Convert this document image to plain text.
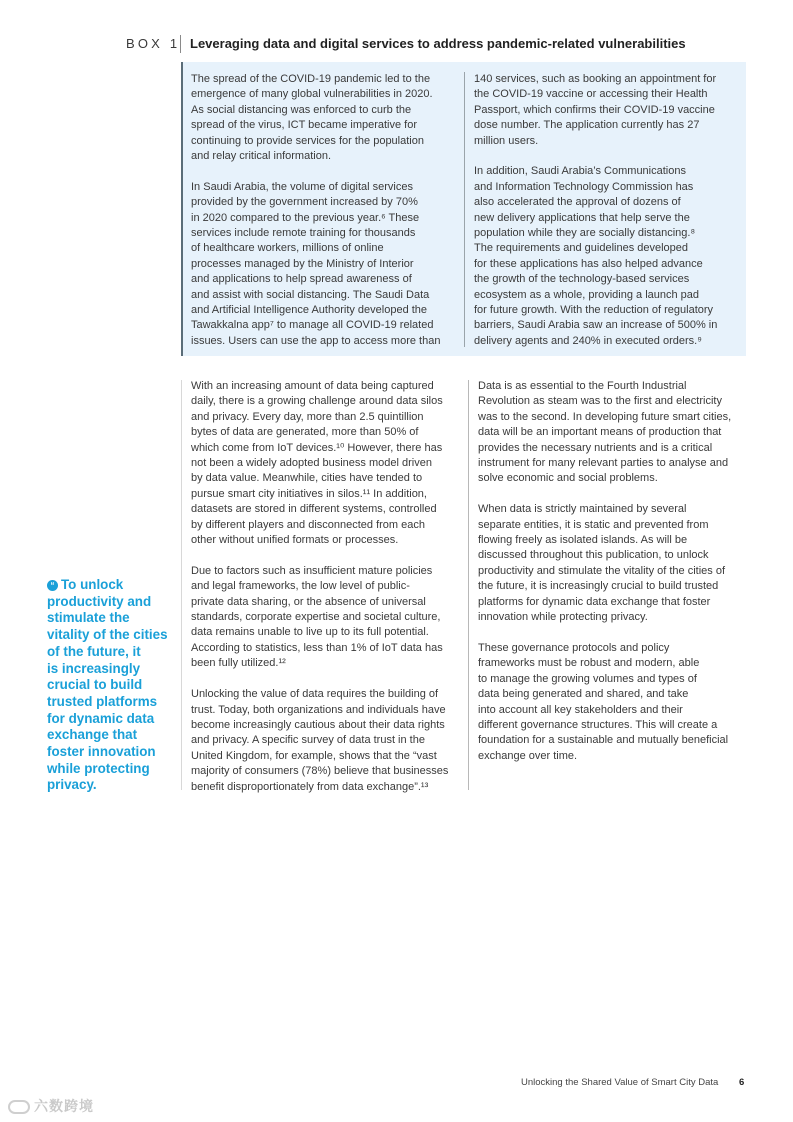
BOX 1 Leveraging data and digital services to address pandemic-related vulnerabilities

The spread of the COVID-19 pandemic led to the
emergence of many global vulnerabilities in 2020.
As social distancing was enforced to curb the
spread of the virus, ICT became imperative for
continuing to provide services for the population
and relay critical information.

In Saudi Arabia, the volume of digital services
provided by the government increased by 70%
in 2020 compared to the previous year.⁶ These
services include remote training for thousands
of healthcare workers, millions of online
processes managed by the Ministry of Interior
and applications to help spread awareness of
and assist with social distancing. The Saudi Data
and Artificial Intelligence Authority developed the
Tawakkalna app⁷ to manage all COVID-19 related
issues. Users can use the app to access more than

140 services, such as booking an appointment for
the COVID-19 vaccine or accessing their Health
Passport, which confirms their COVID-19 vaccine
dose number. The application currently has 27
million users.

In addition, Saudi Arabia’s Communications
and Information Technology Commission has
also accelerated the approval of dozens of
new delivery applications that help serve the
population while they are socially distancing.⁸
The requirements and guidelines developed
for these applications has also helped advance
the growth of the technology-based services
ecosystem as a whole, providing a launch pad
for future growth. With the reduction of regulatory
barriers, Saudi Arabia saw an increase of 500% in
delivery agents and 240% in executed orders.⁹

With an increasing amount of data being captured
daily, there is a growing challenge around data silos
and privacy. Every day, more than 2.5 quintillion
bytes of data are generated, more than 50% of
which come from IoT devices.¹⁰ However, there has
not been a widely adopted business model driven
by data value. Meanwhile, cities have tended to
pursue smart city initiatives in silos.¹¹ In addition,
datasets are stored in different systems, controlled
by different players and disconnected from each
other without unified formats or processes.

Due to factors such as insufficient mature policies
and legal frameworks, the low level of public-
private data sharing, or the absence of universal
standards, corporate expertise and societal culture,
data remains unable to live up to its full potential.
According to statistics, less than 1% of IoT data has
been fully utilized.¹²

Unlocking the value of data requires the building of
trust. Today, both organizations and individuals have
become increasingly cautious about their data rights
and privacy. A specific survey of data trust in the
United Kingdom, for example, shows that the “vast
majority of consumers (78%) believe that businesses
benefit disproportionately from data exchange”.¹³

Data is as essential to the Fourth Industrial
Revolution as steam was to the first and electricity
was to the second. In developing future smart cities,
data will be an important means of production that
provides the necessary nutrients and is a critical
instrument for many relevant parties to analyse and
solve economic and social problems.

When data is strictly maintained by several
separate entities, it is static and prevented from
flowing freely as isolated islands. As will be
discussed throughout this publication, to unlock
productivity and stimulate the vitality of the cities of
the future, it is increasingly crucial to build trusted
platforms for dynamic data exchange that foster
innovation while protecting privacy.

These governance protocols and policy
frameworks must be robust and modern, able
to manage the growing volumes and types of
data being generated and shared, and take
into account all key stakeholders and their
different governance structures. This will create a
foundation for a sustainable and mutually beneficial
exchange over time.

“ To unlock
productivity and
stimulate the
vitality of the cities
of the future, it
is increasingly
crucial to build
trusted platforms
for dynamic data
exchange that
foster innovation
while protecting
privacy.
Unlocking the Shared Value of Smart City Data 6
六数跨境
